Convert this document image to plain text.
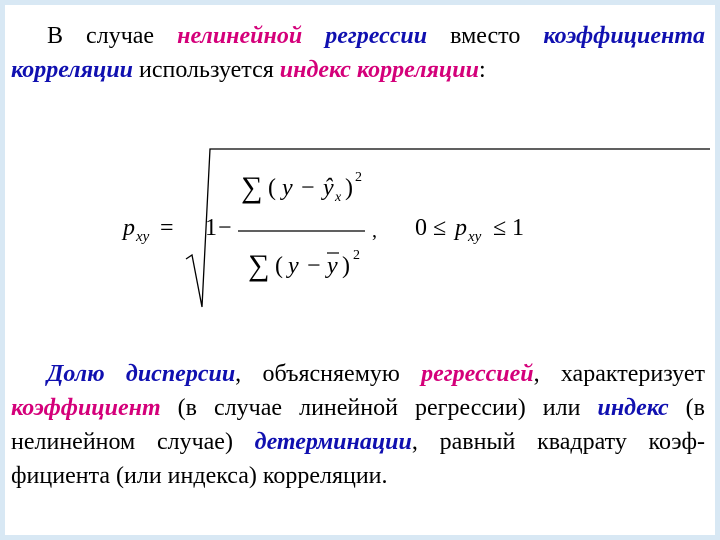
В случае нелинейной регрессии вместо коэффициента корреляции используется индекс корреляции:

p xy = 1 −
∑ ( y − ŷ x ) 2
∑ ( y − y ) 2
, 0 ≤ p xy ≤ 1

Долю дисперсии, объясняемую регрессией, характеризует коэффициент (в случае линейной регрессии) или индекс (в нелинейном случае) детерминации, равный квадрату коэф-фициента (или индекса) корреляции.
